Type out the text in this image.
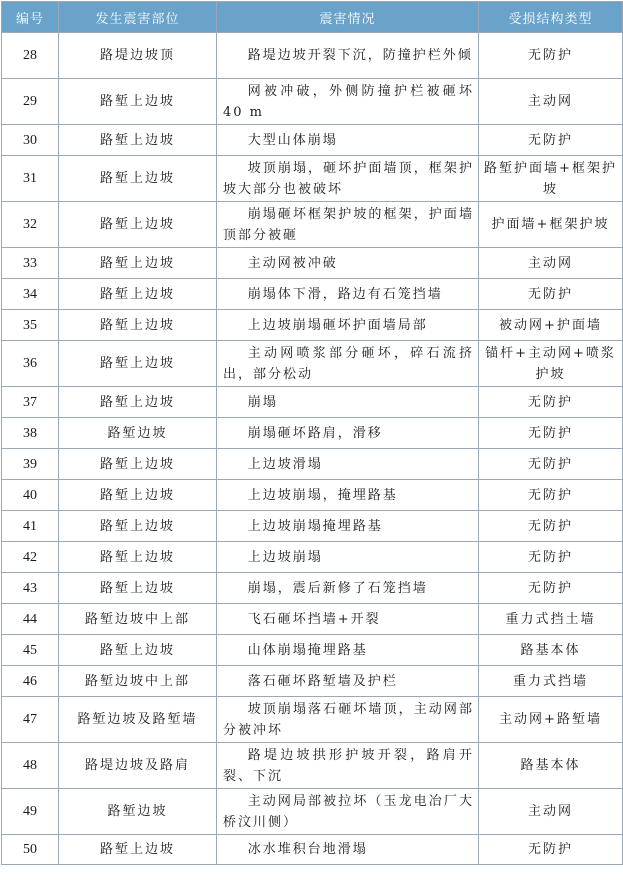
编号	发生震害部位	震害情况	受损结构类型
28	路堤边坡顶	路堤边坡开裂下沉，防撞护栏外倾	无防护
29	路堑上边坡	网被冲破，外侧防撞护栏被砸坏40 m	主动网
30	路堑上边坡	大型山体崩塌	无防护
31	路堑上边坡	坡顶崩塌，砸坏护面墙顶，框架护坡大部分也被破坏	路堑护面墙+框架护坡
32	路堑上边坡	崩塌砸坏框架护坡的框架，护面墙顶部分被砸	护面墙+框架护坡
33	路堑上边坡	主动网被冲破	主动网
34	路堑上边坡	崩塌体下滑，路边有石笼挡墙	无防护
35	路堑上边坡	上边坡崩塌砸坏护面墙局部	被动网+护面墙
36	路堑上边坡	主动网喷浆部分砸坏，碎石流挤出，部分松动	锚杆+主动网+喷浆护坡
37	路堑上边坡	崩塌	无防护
38	路堑边坡	崩塌砸坏路肩，滑移	无防护
39	路堑上边坡	上边坡滑塌	无防护
40	路堑上边坡	上边坡崩塌，掩埋路基	无防护
41	路堑上边坡	上边坡崩塌掩埋路基	无防护
42	路堑上边坡	上边坡崩塌	无防护
43	路堑上边坡	崩塌，震后新修了石笼挡墙	无防护
44	路堑边坡中上部	飞石砸坏挡墙+开裂	重力式挡土墙
45	路堑上边坡	山体崩塌掩埋路基	路基本体
46	路堑边坡中上部	落石砸坏路堑墙及护栏	重力式挡墙
47	路堑边坡及路堑墙	坡顶崩塌落石砸坏墙顶，主动网部分被冲坏	主动网+路堑墙
48	路堤边坡及路肩	路堤边坡拱形护坡开裂，路肩开裂、下沉	路基本体
49	路堑边坡	主动网局部被拉坏（玉龙电冶厂大桥汶川侧）	主动网
50	路堑上边坡	冰水堆积台地滑塌	无防护
